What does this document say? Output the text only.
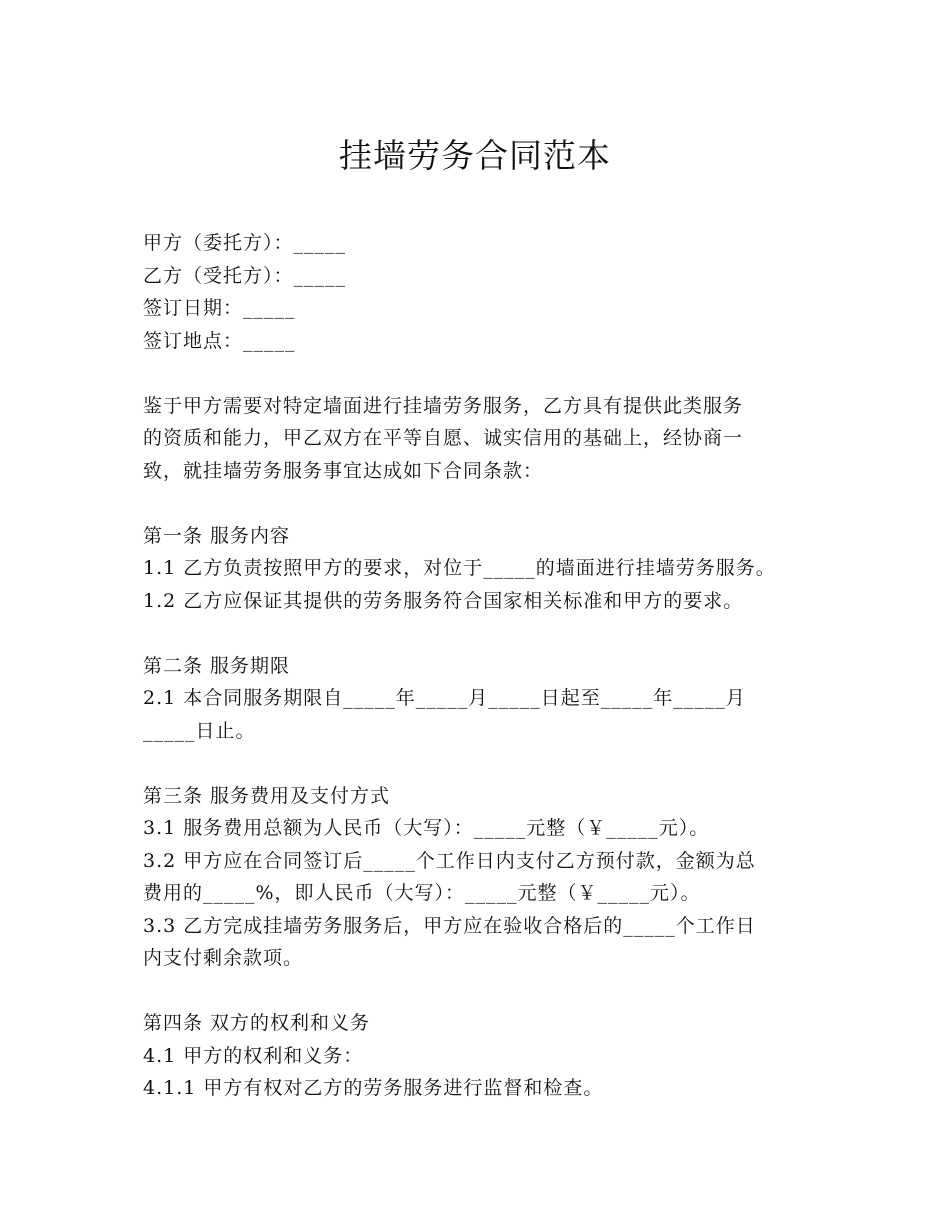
挂墙劳务合同范本
甲方（委托方）：_____
乙方（受托方）：_____
签订日期：_____
签订地点：_____
鉴于甲方需要对特定墙面进行挂墙劳务服务，乙方具有提供此类服务
的资质和能力，甲乙双方在平等自愿、诚实信用的基础上，经协商一
致，就挂墙劳务服务事宜达成如下合同条款：
第一条 服务内容
1.1 乙方负责按照甲方的要求，对位于_____的墙面进行挂墙劳务服务。
1.2 乙方应保证其提供的劳务服务符合国家相关标准和甲方的要求。
第二条 服务期限
2.1 本合同服务期限自_____年_____月_____日起至_____年_____月
_____日止。
第三条 服务费用及支付方式
3.1 服务费用总额为人民币（大写）：_____元整（￥_____元）。
3.2 甲方应在合同签订后_____个工作日内支付乙方预付款，金额为总
费用的_____%，即人民币（大写）：_____元整（￥_____元）。
3.3 乙方完成挂墙劳务服务后，甲方应在验收合格后的_____个工作日
内支付剩余款项。
第四条 双方的权利和义务
4.1 甲方的权利和义务：
4.1.1 甲方有权对乙方的劳务服务进行监督和检查。
